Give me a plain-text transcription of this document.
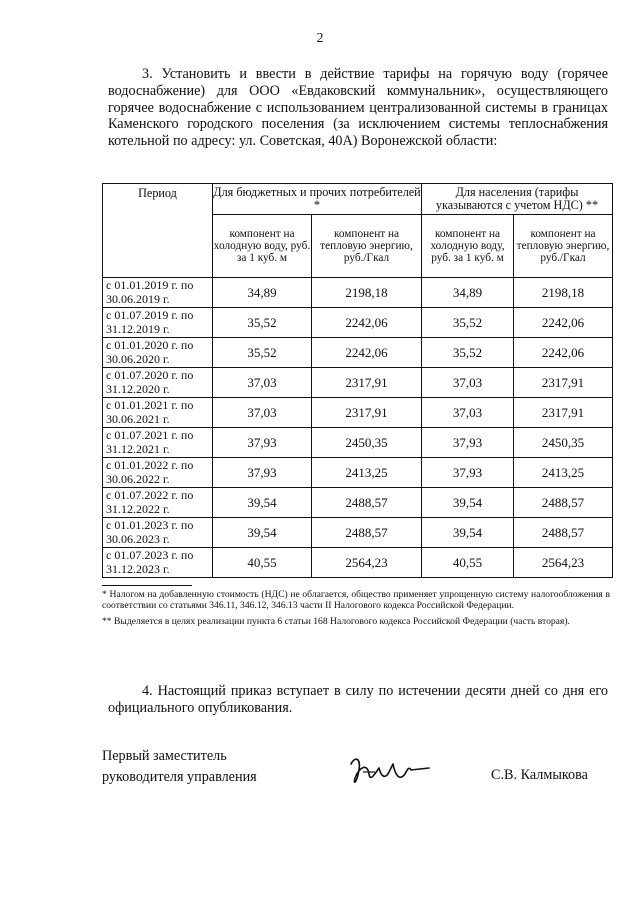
2
3. Установить и ввести в действие тарифы на горячую воду (горячее водоснабжение) для ООО «Евдаковский коммунальник», осуществляющего горячее водоснабжение с использованием централизованной системы в границах Каменского городского поселения (за исключением системы теплоснабжения котельной по адресу: ул. Советская, 40А) Воронежской области:
Период	Для бюджетных и прочих потребителей *		Для населения (тарифы указываются с учетом НДС) **	
	компонент на холодную воду, руб. за 1 куб. м	компонент на тепловую энергию, руб./Гкал	компонент на холодную воду, руб. за 1 куб. м	компонент на тепловую энергию, руб./Гкал
с 01.01.2019 г. по 30.06.2019 г.	34,89	2198,18	34,89	2198,18
с 01.07.2019 г. по 31.12.2019 г.	35,52	2242,06	35,52	2242,06
с 01.01.2020 г. по 30.06.2020 г.	35,52	2242,06	35,52	2242,06
с 01.07.2020 г. по 31.12.2020 г.	37,03	2317,91	37,03	2317,91
с 01.01.2021 г. по 30.06.2021 г.	37,03	2317,91	37,03	2317,91
с 01.07.2021 г. по 31.12.2021 г.	37,93	2450,35	37,93	2450,35
с 01.01.2022 г. по 30.06.2022 г.	37,93	2413,25	37,93	2413,25
с 01.07.2022 г. по 31.12.2022 г.	39,54	2488,57	39,54	2488,57
с 01.01.2023 г. по 30.06.2023 г.	39,54	2488,57	39,54	2488,57
с 01.07.2023 г. по 31.12.2023 г.	40,55	2564,23	40,55	2564,23

* Налогом на добавленную стоимость (НДС) не облагается, общество применяет упрощенную систему налогообложения в соответствии со статьями 346.11, 346.12, 346.13 части II Налогового кодекса Российской Федерации.

** Выделяется в целях реализации пункта 6 статьи 168 Налогового кодекса Российской Федерации (часть вторая).

4. Настоящий приказ вступает в силу по истечении десяти дней со дня его официального опубликования.
Первый заместитель
руководителя управления	С.В. Калмыкова
